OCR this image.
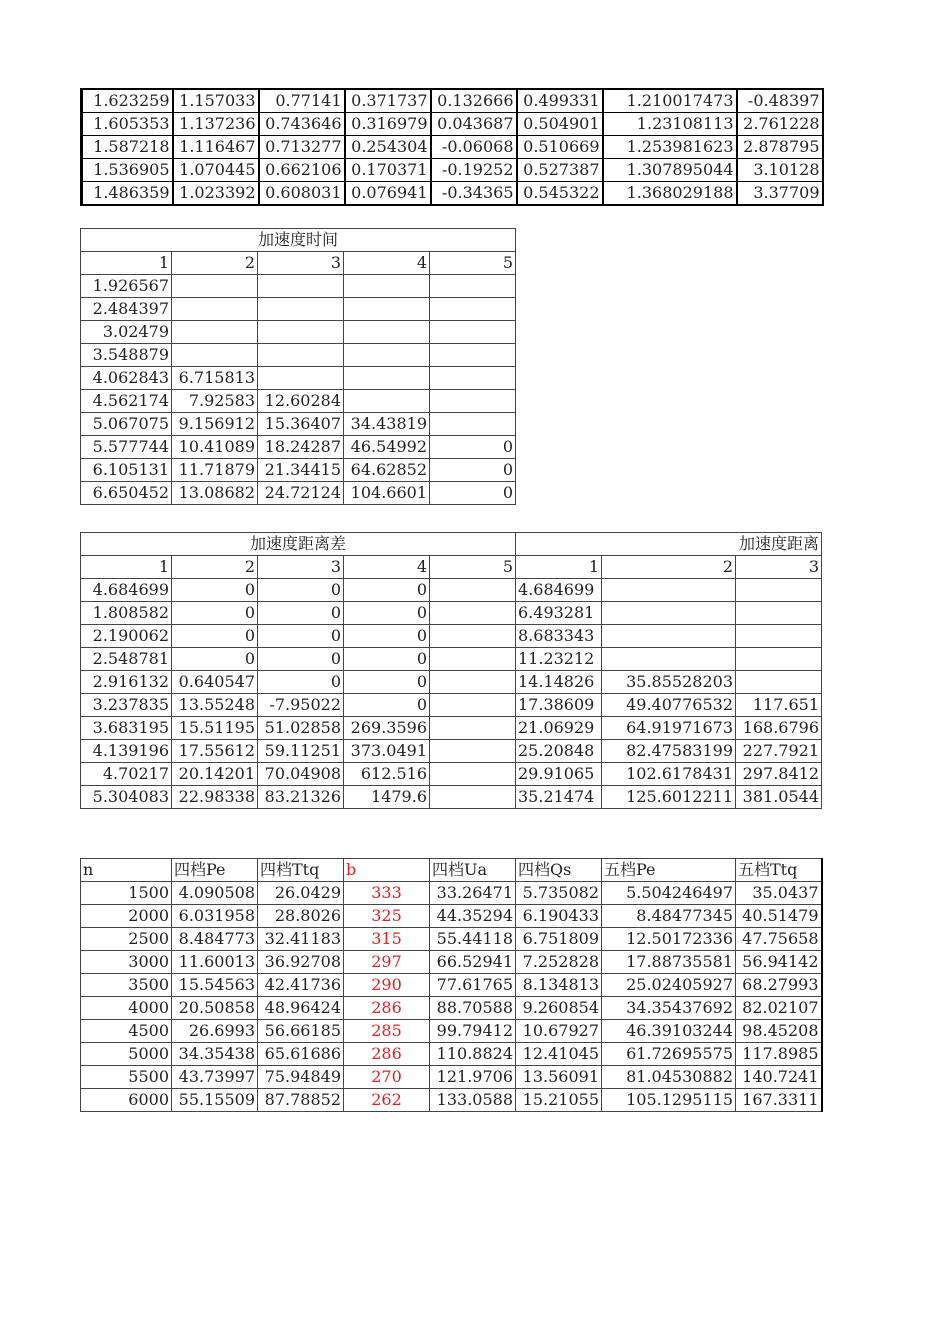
1.623259	1.157033	0.77141	0.371737	0.132666	0.499331	1.210017473	-0.48397
1.605353	1.137236	0.743646	0.316979	0.043687	0.504901	1.23108113	2.761228
1.587218	1.116467	0.713277	0.254304	-0.06068	0.510669	1.253981623	2.878795
1.536905	1.070445	0.662106	0.170371	-0.19252	0.527387	1.307895044	3.10128
1.486359	1.023392	0.608031	0.076941	-0.34365	0.545322	1.368029188	3.37709
加速度时间				
1	2	3	4	5
1.926567				
2.484397				
3.02479				
3.548879				
4.062843	6.715813			
4.562174	7.92583	12.60284		
5.067075	9.156912	15.36407	34.43819	
5.577744	10.41089	18.24287	46.54992	0
6.105131	11.71879	21.34415	64.62852	0
6.650452	13.08682	24.72124	104.6601	0
加速度距离差					加速度距离		
1	2	3	4	5	1	2	3
4.684699	0	0	0		4.684699		
1.808582	0	0	0		6.493281		
2.190062	0	0	0		8.683343		
2.548781	0	0	0		11.23212		
2.916132	0.640547	0	0		14.14826	35.85528203	
3.237835	13.55248	-7.95022	0		17.38609	49.40776532	117.651
3.683195	15.51195	51.02858	269.3596		21.06929	64.91971673	168.6796
4.139196	17.55612	59.11251	373.0491		25.20848	82.47583199	227.7921
4.70217	20.14201	70.04908	612.516		29.91065	102.6178431	297.8412
5.304083	22.98338	83.21326	1479.6		35.21474	125.6012211	381.0544
n	四档Pe	四档Ttq	b	四档Ua	四档Qs	五档Pe	五档Ttq
1500	4.090508	26.0429	333	33.26471	5.735082	5.504246497	35.0437
2000	6.031958	28.8026	325	44.35294	6.190433	8.48477345	40.51479
2500	8.484773	32.41183	315	55.44118	6.751809	12.50172336	47.75658
3000	11.60013	36.92708	297	66.52941	7.252828	17.88735581	56.94142
3500	15.54563	42.41736	290	77.61765	8.134813	25.02405927	68.27993
4000	20.50858	48.96424	286	88.70588	9.260854	34.35437692	82.02107
4500	26.6993	56.66185	285	99.79412	10.67927	46.39103244	98.45208
5000	34.35438	65.61686	286	110.8824	12.41045	61.72695575	117.8985
5500	43.73997	75.94849	270	121.9706	13.56091	81.04530882	140.7241
6000	55.15509	87.78852	262	133.0588	15.21055	105.1295115	167.3311
